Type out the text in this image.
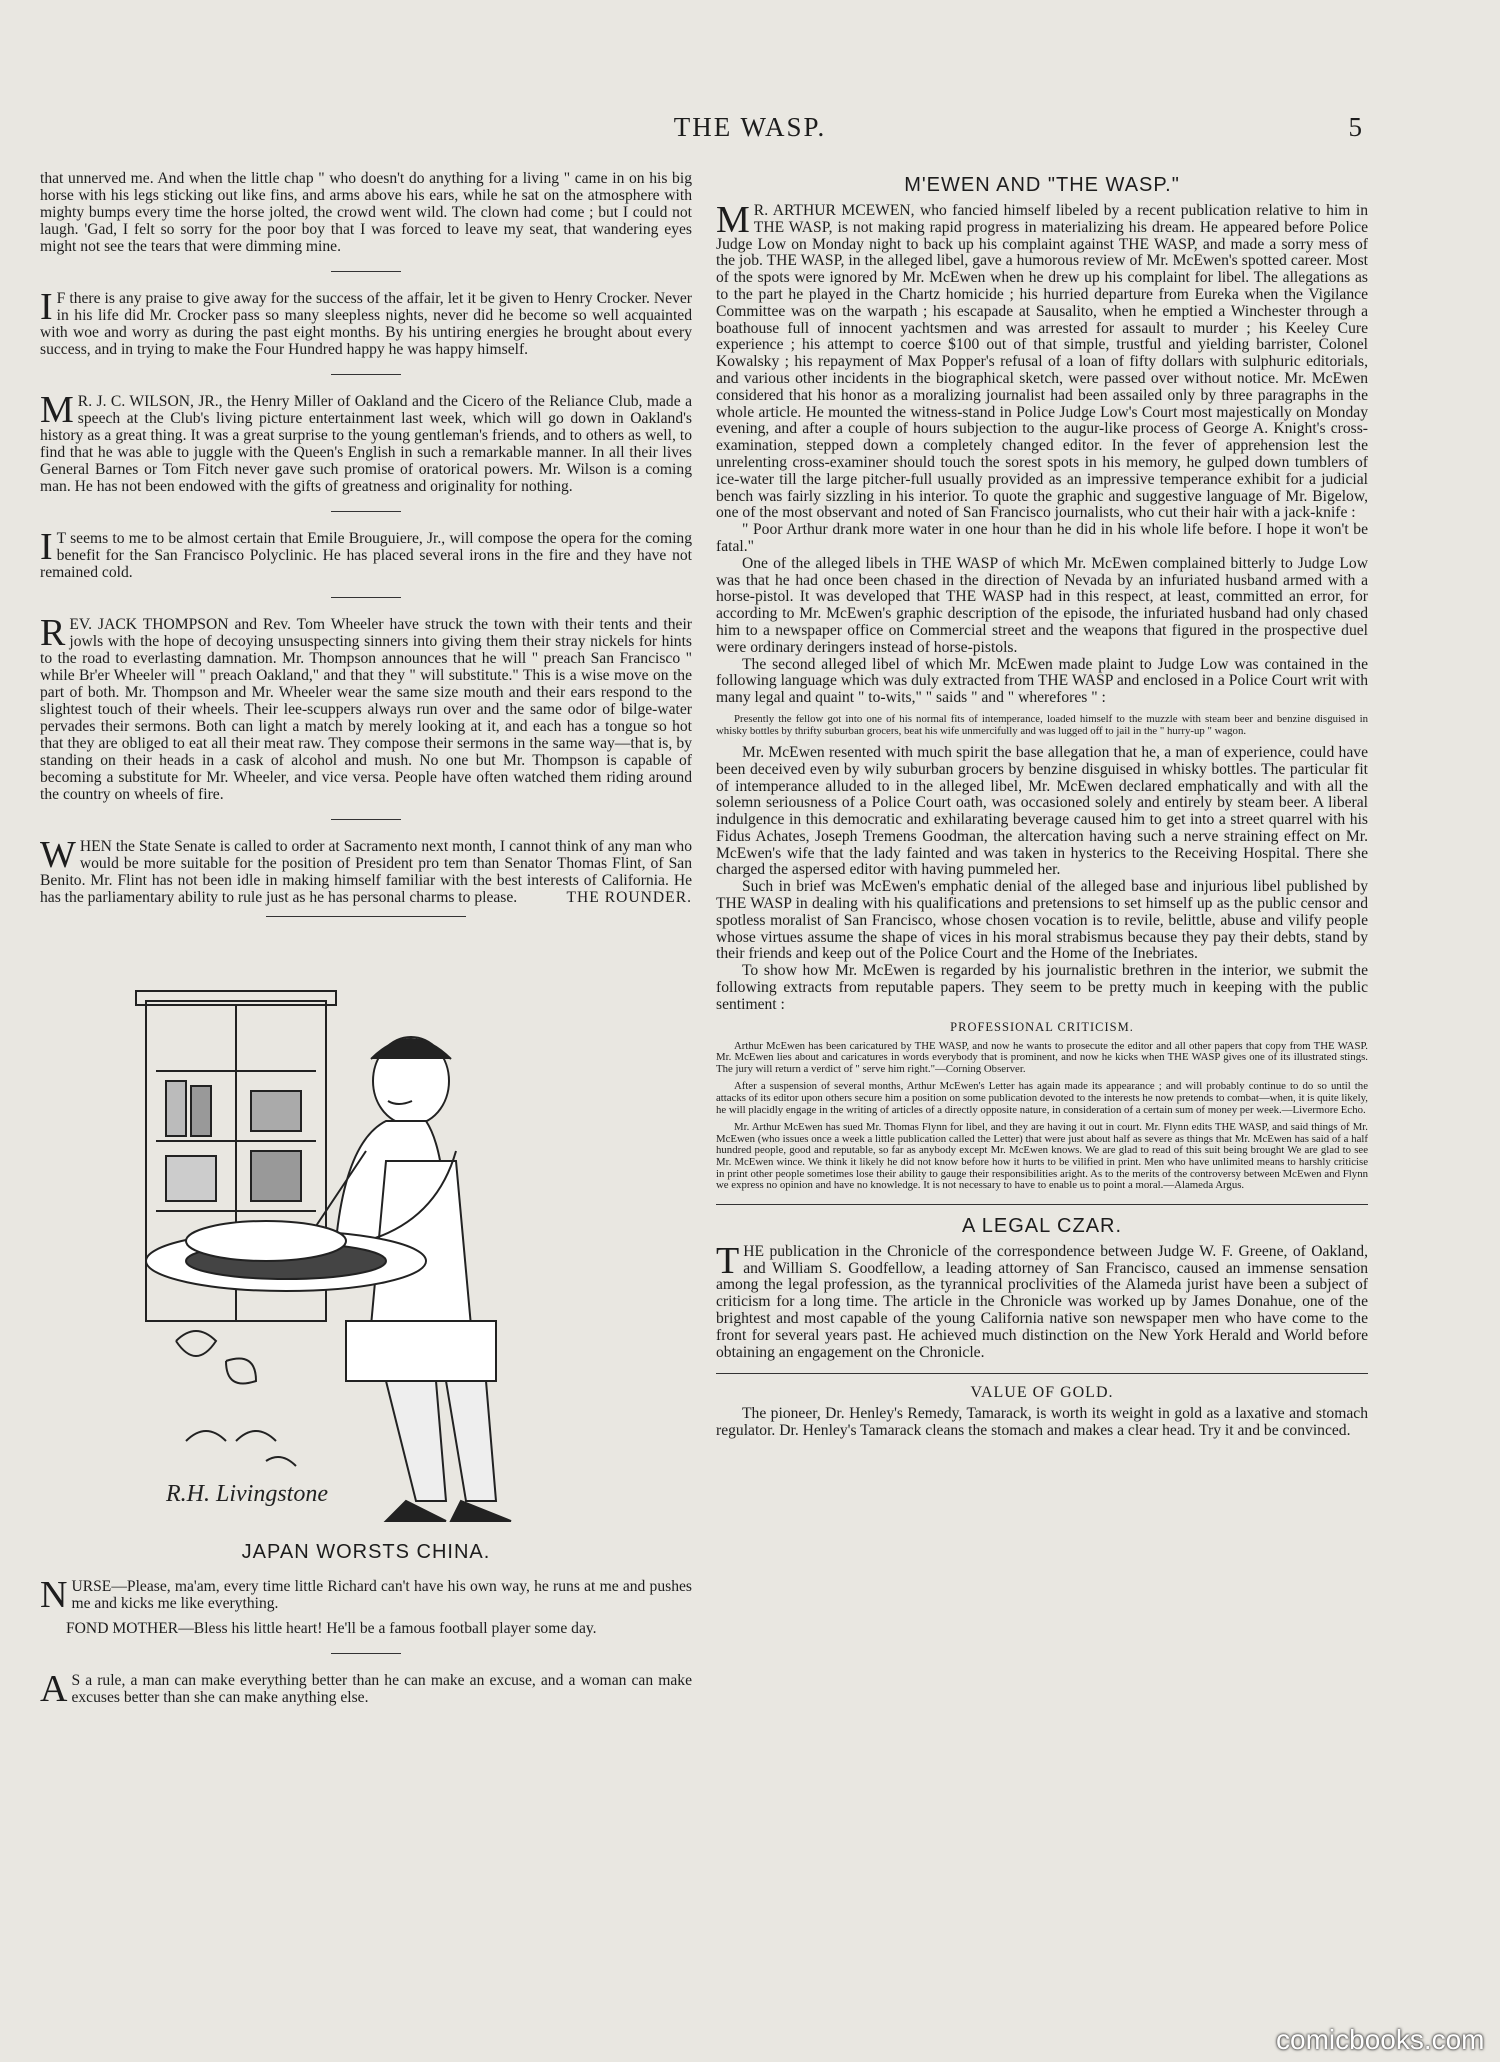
THE WASP.	5

that unnerved me. And when the little chap " who doesn't do anything for a living " came in on his big horse with his legs sticking out like fins, and arms above his ears, while he sat on the atmosphere with mighty bumps every time the horse jolted, the crowd went wild. The clown had come ; but I could not laugh. 'Gad, I felt so sorry for the poor boy that I was forced to leave my seat, that wandering eyes might not see the tears that were dimming mine.

IF there is any praise to give away for the success of the affair, let it be given to Henry Crocker. Never in his life did Mr. Crocker pass so many sleepless nights, never did he become so well acquainted with woe and worry as during the past eight months. By his untiring energies he brought about every success, and in trying to make the Four Hundred happy he was happy himself.

MR. J. C. WILSON, JR., the Henry Miller of Oakland and the Cicero of the Reliance Club, made a speech at the Club's living picture entertainment last week, which will go down in Oakland's history as a great thing. It was a great surprise to the young gentleman's friends, and to others as well, to find that he was able to juggle with the Queen's English in such a remarkable manner. In all their lives General Barnes or Tom Fitch never gave such promise of oratorical powers. Mr. Wilson is a coming man. He has not been endowed with the gifts of greatness and originality for nothing.

IT seems to me to be almost certain that Emile Brouguiere, Jr., will compose the opera for the coming benefit for the San Francisco Polyclinic. He has placed several irons in the fire and they have not remained cold.

REV. JACK THOMPSON and Rev. Tom Wheeler have struck the town with their tents and their jowls with the hope of decoying unsuspecting sinners into giving them their stray nickels for hints to the road to everlasting damnation. Mr. Thompson announces that he will " preach San Francisco " while Br'er Wheeler will " preach Oakland," and that they " will substitute." This is a wise move on the part of both. Mr. Thompson and Mr. Wheeler wear the same size mouth and their ears respond to the slightest touch of their wheels. Their lee-scuppers always run over and the same odor of bilge-water pervades their sermons. Both can light a match by merely looking at it, and each has a tongue so hot that they are obliged to eat all their meat raw. They compose their sermons in the same way—that is, by standing on their heads in a cask of alcohol and mush. No one but Mr. Thompson is capable of becoming a substitute for Mr. Wheeler, and vice versa. People have often watched them riding around the country on wheels of fire.

WHEN the State Senate is called to order at Sacramento next month, I cannot think of any man who would be more suitable for the position of President pro tem than Senator Thomas Flint, of San Benito. Mr. Flint has not been idle in making himself familiar with the best interests of California. He has the parliamentary ability to rule just as he has personal charms to please.	THE ROUNDER.

R.H. Livingstone
JAPAN WORSTS CHINA.

NURSE—Please, ma'am, every time little Richard can't have his own way, he runs at me and pushes me and kicks me like everything.

FOND MOTHER—Bless his little heart! He'll be a famous football player some day.

AS a rule, a man can make everything better than he can make an excuse, and a woman can make excuses better than she can make anything else.

M'EWEN AND "THE WASP."

MR. ARTHUR MCEWEN, who fancied himself libeled by a recent publication relative to him in THE WASP, is not making rapid progress in materializing his dream. He appeared before Police Judge Low on Monday night to back up his complaint against THE WASP, and made a sorry mess of the job. THE WASP, in the alleged libel, gave a humorous review of Mr. McEwen's spotted career. Most of the spots were ignored by Mr. McEwen when he drew up his complaint for libel. The allegations as to the part he played in the Chartz homicide ; his hurried departure from Eureka when the Vigilance Committee was on the warpath ; his escapade at Sausalito, when he emptied a Winchester through a boathouse full of innocent yachtsmen and was arrested for assault to murder ; his Keeley Cure experience ; his attempt to coerce $100 out of that simple, trustful and yielding barrister, Colonel Kowalsky ; his repayment of Max Popper's refusal of a loan of fifty dollars with sulphuric editorials, and various other incidents in the biographical sketch, were passed over without notice. Mr. McEwen considered that his honor as a moralizing journalist had been assailed only by three paragraphs in the whole article. He mounted the witness-stand in Police Judge Low's Court most majestically on Monday evening, and after a couple of hours subjection to the augur-like process of George A. Knight's cross-examination, stepped down a completely changed editor. In the fever of apprehension lest the unrelenting cross-examiner should touch the sorest spots in his memory, he gulped down tumblers of ice-water till the large pitcher-full usually provided as an impressive temperance exhibit for a judicial bench was fairly sizzling in his interior. To quote the graphic and suggestive language of Mr. Bigelow, one of the most observant and noted of San Francisco journalists, who cut their hair with a jack-knife :

" Poor Arthur drank more water in one hour than he did in his whole life before. I hope it won't be fatal."

One of the alleged libels in THE WASP of which Mr. McEwen complained bitterly to Judge Low was that he had once been chased in the direction of Nevada by an infuriated husband armed with a horse-pistol. It was developed that THE WASP had in this respect, at least, committed an error, for according to Mr. McEwen's graphic description of the episode, the infuriated husband had only chased him to a newspaper office on Commercial street and the weapons that figured in the prospective duel were ordinary deringers instead of horse-pistols.

The second alleged libel of which Mr. McEwen made plaint to Judge Low was contained in the following language which was duly extracted from THE WASP and enclosed in a Police Court writ with many legal and quaint " to-wits," " saids " and " wherefores " :

Presently the fellow got into one of his normal fits of intemperance, loaded himself to the muzzle with steam beer and benzine disguised in whisky bottles by thrifty suburban grocers, beat his wife unmercifully and was lugged off to jail in the " hurry-up " wagon.

Mr. McEwen resented with much spirit the base allegation that he, a man of experience, could have been deceived even by wily suburban grocers by benzine disguised in whisky bottles. The particular fit of intemperance alluded to in the alleged libel, Mr. McEwen declared emphatically and with all the solemn seriousness of a Police Court oath, was occasioned solely and entirely by steam beer. A liberal indulgence in this democratic and exhilarating beverage caused him to get into a street quarrel with his Fidus Achates, Joseph Tremens Goodman, the altercation having such a nerve straining effect on Mr. McEwen's wife that the lady fainted and was taken in hysterics to the Receiving Hospital. There she charged the aspersed editor with having pummeled her.

Such in brief was McEwen's emphatic denial of the alleged base and injurious libel published by THE WASP in dealing with his qualifications and pretensions to set himself up as the public censor and spotless moralist of San Francisco, whose chosen vocation is to revile, belittle, abuse and vilify people whose virtues assume the shape of vices in his moral strabismus because they pay their debts, stand by their friends and keep out of the Police Court and the Home of the Inebriates.

To show how Mr. McEwen is regarded by his journalistic brethren in the interior, we submit the following extracts from reputable papers. They seem to be pretty much in keeping with the public sentiment :

PROFESSIONAL CRITICISM.

Arthur McEwen has been caricatured by THE WASP, and now he wants to prosecute the editor and all other papers that copy from THE WASP. Mr. McEwen lies about and caricatures in words everybody that is prominent, and now he kicks when THE WASP gives one of its illustrated stings. The jury will return a verdict of " serve him right."—Corning Observer.

After a suspension of several months, Arthur McEwen's Letter has again made its appearance ; and will probably continue to do so until the attacks of its editor upon others secure him a position on some publication devoted to the interests he now pretends to combat—when, it is quite likely, he will placidly engage in the writing of articles of a directly opposite nature, in consideration of a certain sum of money per week.—Livermore Echo.

Mr. Arthur McEwen has sued Mr. Thomas Flynn for libel, and they are having it out in court. Mr. Flynn edits THE WASP, and said things of Mr. McEwen (who issues once a week a little publication called the Letter) that were just about half as severe as things that Mr. McEwen has said of a half hundred people, good and reputable, so far as anybody except Mr. McEwen knows. We are glad to read of this suit being brought We are glad to see Mr. McEwen wince. We think it likely he did not know before how it hurts to be vilified in print. Men who have unlimited means to harshly criticise in print other people sometimes lose their ability to gauge their responsibilities aright. As to the merits of the controversy between McEwen and Flynn we express no opinion and have no knowledge. It is not necessary to have to enable us to point a moral.—Alameda Argus.

A LEGAL CZAR.

THE publication in the Chronicle of the correspondence between Judge W. F. Greene, of Oakland, and William S. Goodfellow, a leading attorney of San Francisco, caused an immense sensation among the legal profession, as the tyrannical proclivities of the Alameda jurist have been a subject of criticism for a long time. The article in the Chronicle was worked up by James Donahue, one of the brightest and most capable of the young California native son newspaper men who have come to the front for several years past. He achieved much distinction on the New York Herald and World before obtaining an engagement on the Chronicle.

VALUE OF GOLD.

The pioneer, Dr. Henley's Remedy, Tamarack, is worth its weight in gold as a laxative and stomach regulator. Dr. Henley's Tamarack cleans the stomach and makes a clear head. Try it and be convinced.

comicbooks.com
